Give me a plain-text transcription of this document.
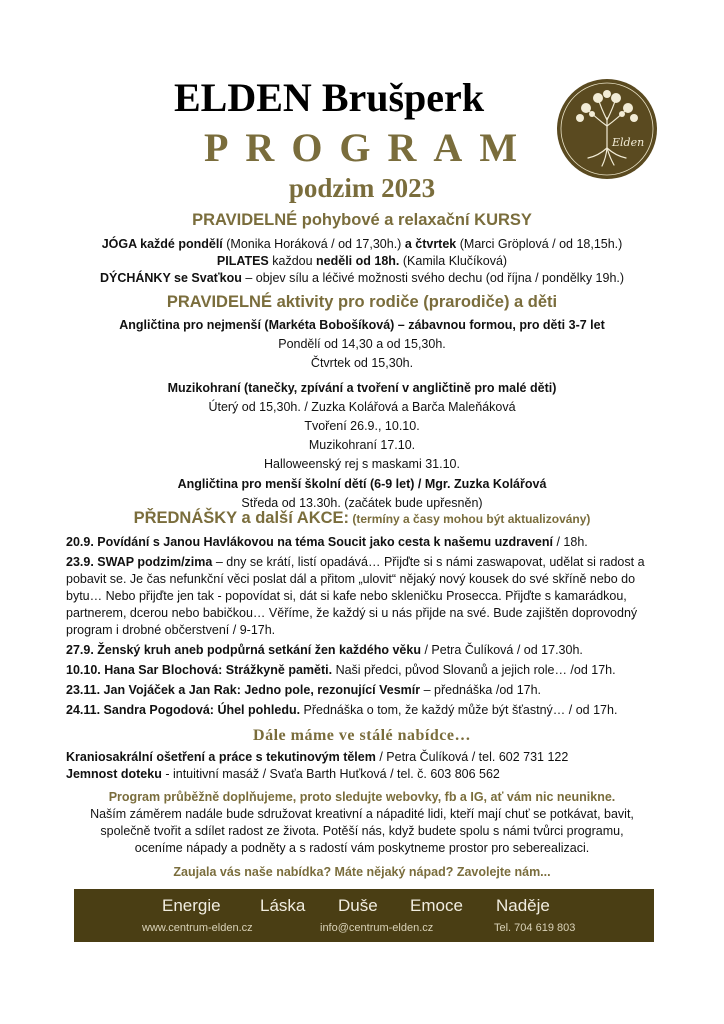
ELDEN Brušperk
PROGRAM
podzim 2023
Elden
PRAVIDELNÉ pohybové a relaxační KURSY
JÓGA každé pondělí (Monika Horáková / od 17,30h.) a čtvrtek (Marci Gröplová / od 18,15h.)
PILATES každou neděli od 18h. (Kamila Klučíková)
DÝCHÁNKY se Svaťkou – objev sílu a léčivé možnosti svého dechu (od října / pondělky 19h.)
PRAVIDELNÉ aktivity pro rodiče (prarodiče) a děti
Angličtina pro nejmenší (Markéta Bobošíková) – zábavnou formou, pro děti 3-7 let
Pondělí od 14,30 a od 15,30h.
Čtvrtek od 15,30h.
Muzikohraní (tanečky, zpívání a tvoření v angličtině pro malé děti)
Úterý od 15,30h. / Zuzka Kolářová a Barča Maleňáková
Tvoření 26.9., 10.10.
Muzikohraní 17.10.
Halloweenský rej s maskami 31.10.
Angličtina pro menší školní dětí (6-9 let) / Mgr. Zuzka Kolářová
Středa od 13.30h. (začátek bude upřesněn)
PŘEDNÁŠKY a další AKCE: (termíny a časy mohou být aktualizovány)
20.9. Povídání s Janou Havlákovou na téma Soucit jako cesta k našemu uzdravení / 18h.
23.9. SWAP podzim/zima – dny se krátí, listí opadává… Přijďte si s námi zaswapovat, udělat si radost a pobavit se. Je čas nefunkční věci poslat dál a přitom „ulovit“ nějaký nový kousek do své skříně nebo do bytu… Nebo přijďte jen tak - popovídat si, dát si kafe nebo skleničku Prosecca. Přijďte s kamarádkou, partnerem, dcerou nebo babičkou… Věříme, že každý si u nás přijde na své. Bude zajištěn doprovodný program i drobné občerstvení / 9-17h.
27.9. Ženský kruh aneb podpůrná setkání žen každého věku / Petra Čulíková / od 17.30h.
10.10. Hana Sar Blochová: Strážkyně paměti. Naši předci, původ Slovanů a jejich role… /od 17h.
23.11. Jan Vojáček a Jan Rak: Jedno pole, rezonující Vesmír – přednáška /od 17h.
24.11. Sandra Pogodová: Úhel pohledu. Přednáška o tom, že každý může být šťastný… / od 17h.
Dále máme ve stálé nabídce…
Kraniosakrální ošetření a práce s tekutinovým tělem / Petra Čulíková / tel. 602 731 122
Jemnost doteku - intuitivní masáž / Svaťa Barth Huťková / tel. č. 603 806 562
Program průběžně doplňujeme, proto sledujte webovky, fb a IG, ať vám nic neunikne.
Naším záměrem nadále bude sdružovat kreativní a nápadité lidi, kteří mají chuť se potkávat, bavit,
společně tvořit a sdílet radost ze života. Potěší nás, když budete spolu s námi tvůrci programu,
oceníme nápady a podněty a s radostí vám poskytneme prostor pro seberealizaci.
Zaujala vás naše nabídka? Máte nějaký nápad? Zavolejte nám...
Energie Láska Duše Emoce Naděje
www.centrum-elden.cz	info@centrum-elden.cz	Tel. 704 619 803
